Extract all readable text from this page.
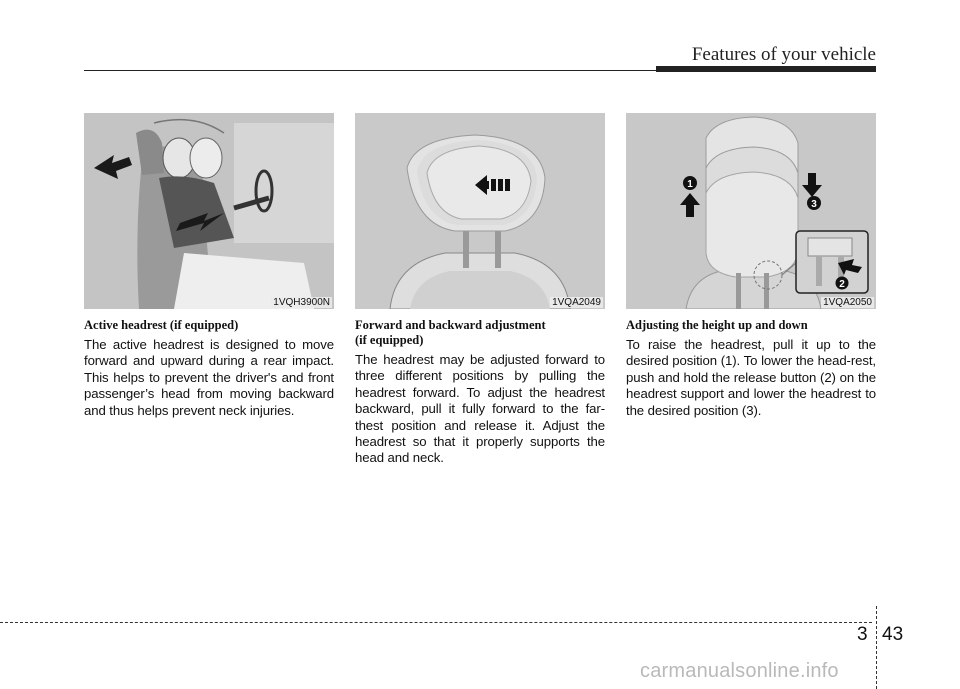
Features of your vehicle
1VQH3900N	1VQA2049
1
3
2
1VQA2050

Active headrest (if equipped)

The active headrest is designed to move forward and upward during a rear impact. This helps to prevent the driver's and front passenger’s head from moving backward and thus helps prevent neck injuries.

Forward and backward adjustment
(if equipped)

The headrest may be adjusted forward to three different positions by pulling the headrest forward. To adjust the headrest backward, pull it fully forward to the far-thest position and release it. Adjust the headrest so that it properly supports the head and neck.

Adjusting the height up and down

To raise the headrest, pull it up to the desired position (1). To lower the head-rest, push and hold the release button (2) on the headrest support and lower the headrest to the desired position (3).

3 43
carmanualsonline.info
